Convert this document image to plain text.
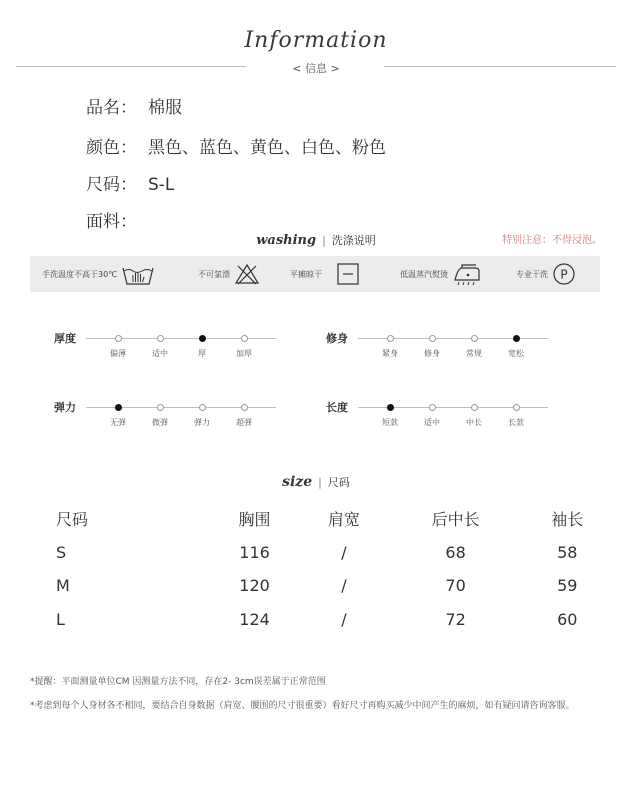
Information
< 信息 >
品名： 棉服
颜色： 黑色、蓝色、黄色、白色、粉色
尺码： S-L
面料：
washing | 洗涤说明	特别注意：不得浸泡。
手洗温度不高于30℃	不可氯漂	平摊晾干	低温蒸汽熨烫	专业干洗 P
厚度
偏薄	适中	厚	加厚
修身
紧身	修身	常规	宽松
弹力
无弹	微弹	弹力	超弹
长度
短款	适中	中长	长款
size | 尺码
尺码	胸围	肩宽	后中长	袖长
S	116	/	68	58
M	120	/	70	59
L	124	/	72	60
*提醒：平面测量单位CM 因测量方法不同，存在2- 3cm误差属于正常范围
*考虑到每个人身材各不相同，要结合自身数据（肩宽、腰围的尺寸很重要）看好尺寸再购买减少中间产生的麻烦，如有疑问请咨询客服。
